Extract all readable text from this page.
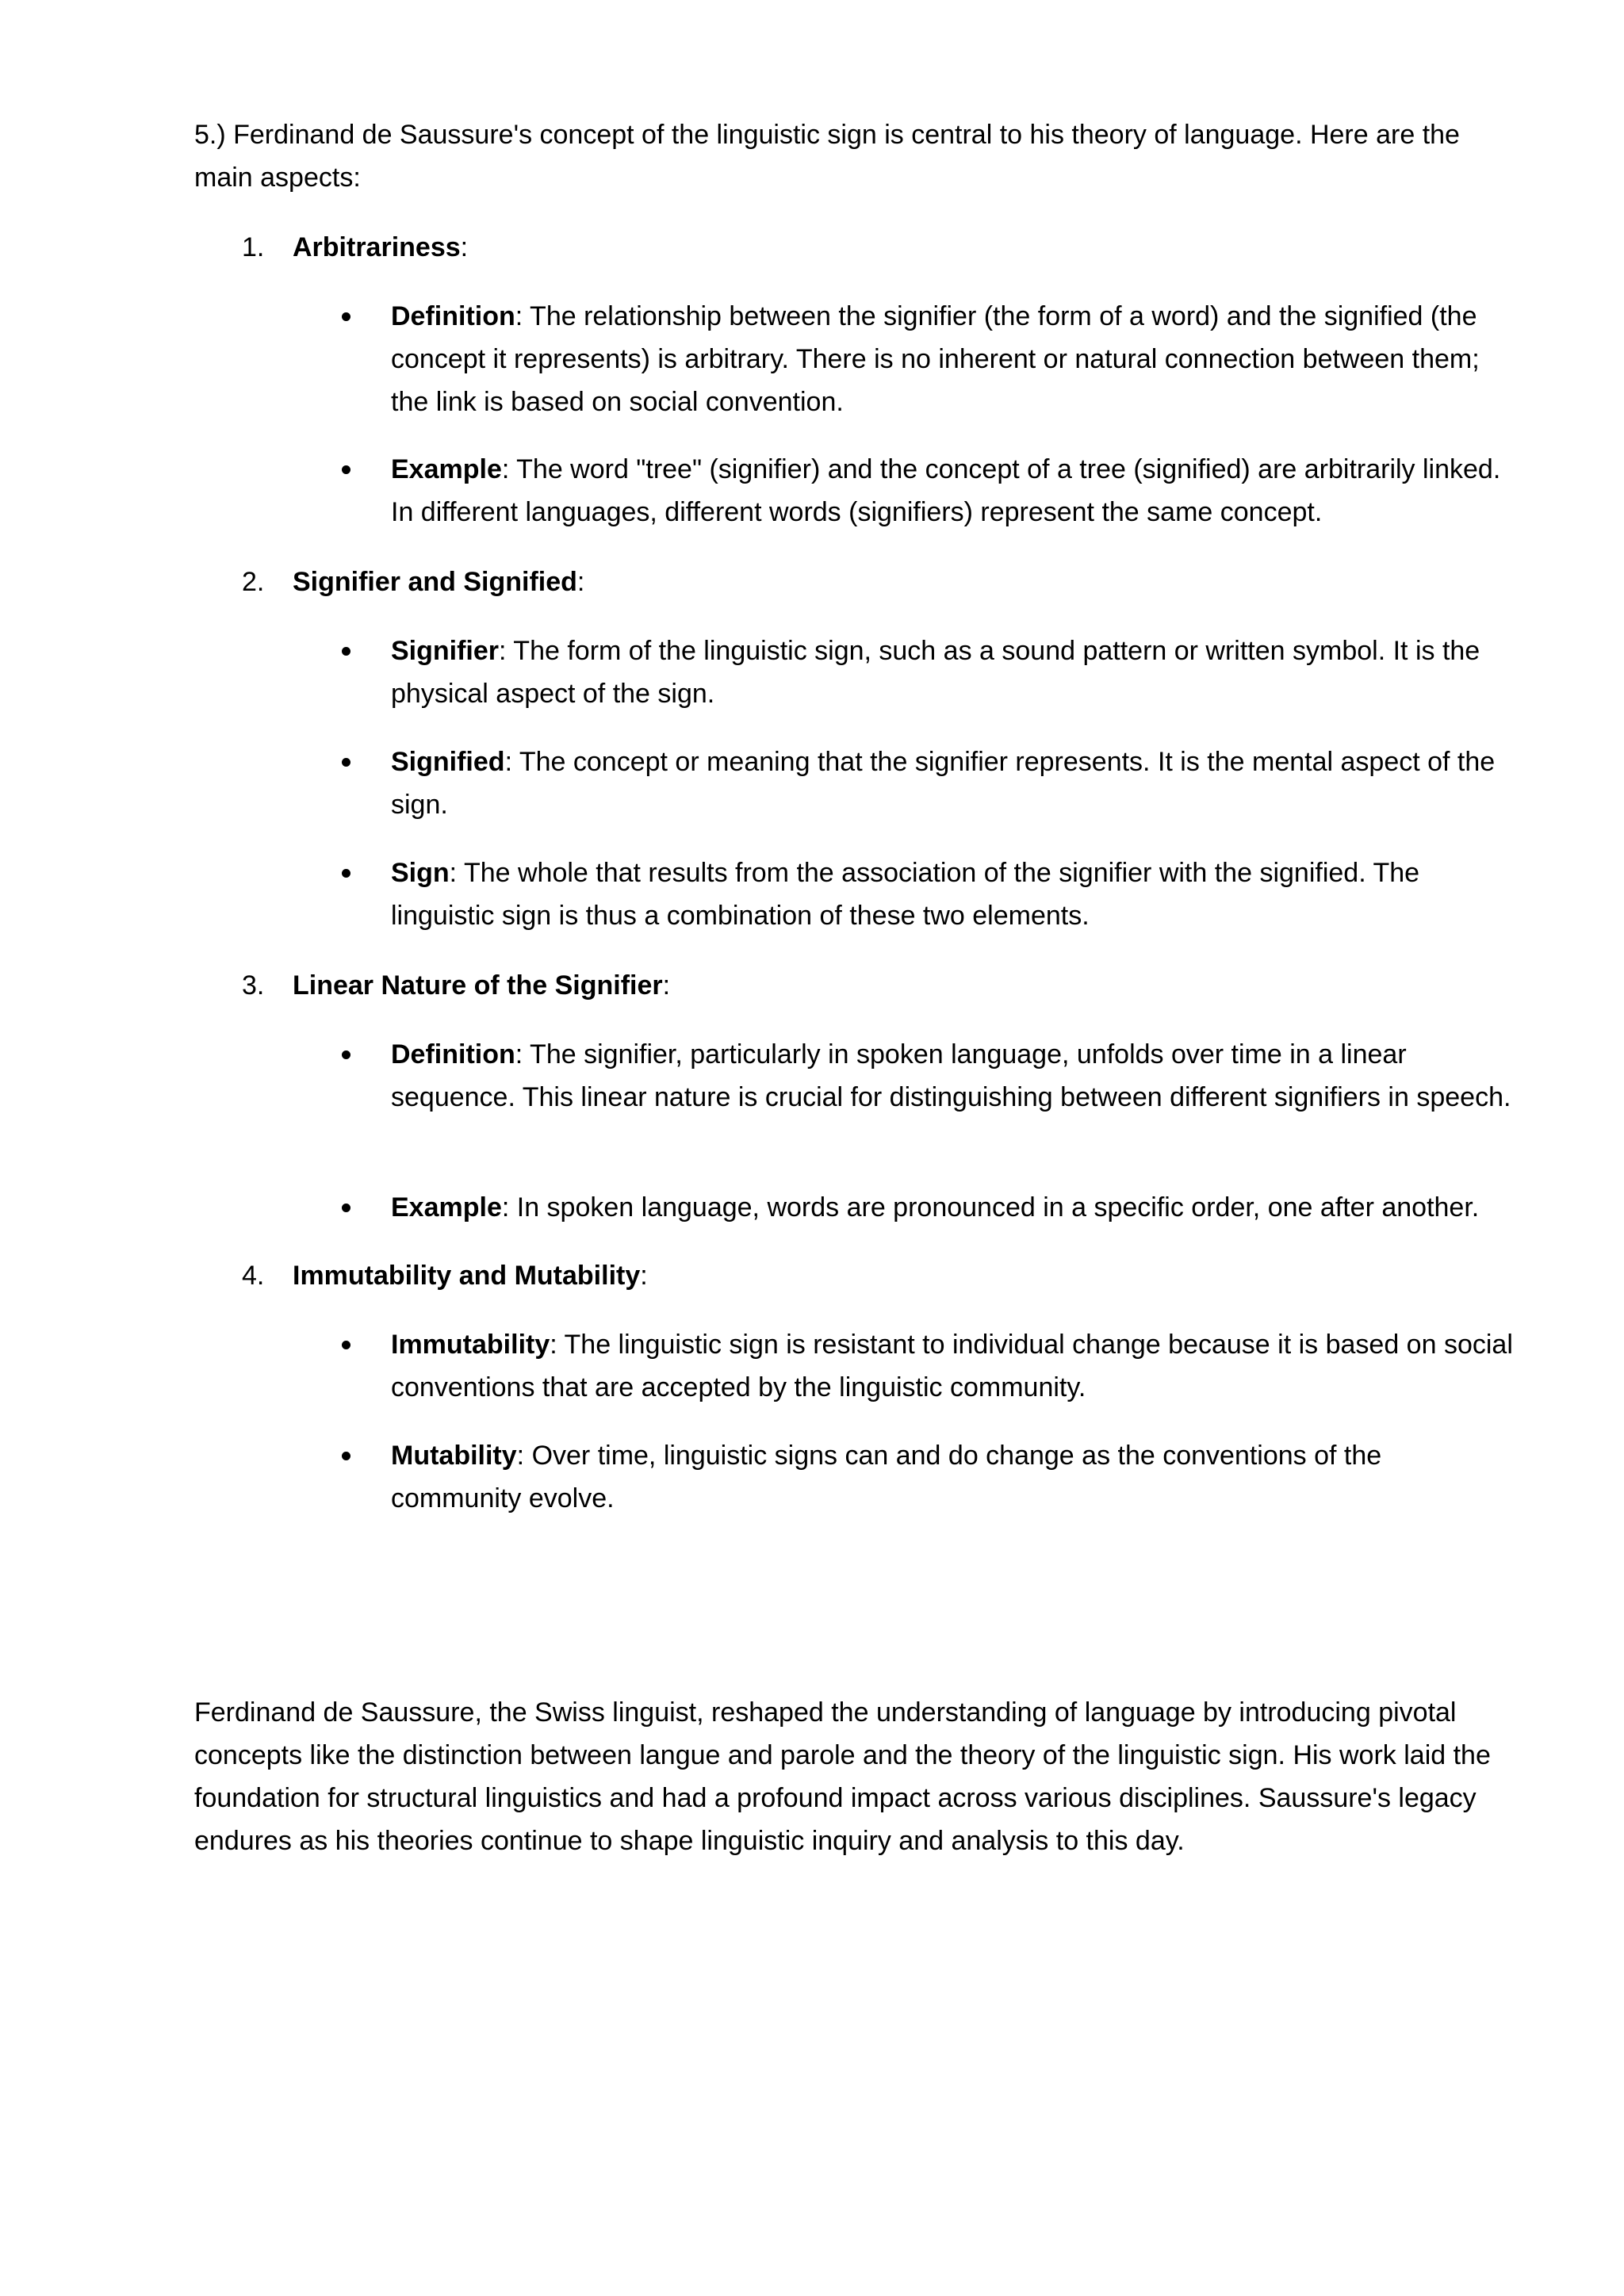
5.) Ferdinand de Saussure's concept of the linguistic sign is central to his theory of language. Here are the main aspects:

1. Arbitrariness:

Definition: The relationship between the signifier (the form of a word) and the signified (the concept it represents) is arbitrary. There is no inherent or natural connection between them; the link is based on social convention.

Example: The word "tree" (signifier) and the concept of a tree (signified) are arbitrarily linked. In different languages, different words (signifiers) represent the same concept.

2. Signifier and Signified:

Signifier: The form of the linguistic sign, such as a sound pattern or written symbol. It is the physical aspect of the sign.

Signified: The concept or meaning that the signifier represents. It is the mental aspect of the sign.

Sign: The whole that results from the association of the signifier with the signified. The linguistic sign is thus a combination of these two elements.

3. Linear Nature of the Signifier:

Definition: The signifier, particularly in spoken language, unfolds over time in a linear sequence. This linear nature is crucial for distinguishing between different signifiers in speech.

Example: In spoken language, words are pronounced in a specific order, one after another.

4. Immutability and Mutability:

Immutability: The linguistic sign is resistant to individual change because it is based on social conventions that are accepted by the linguistic community.

Mutability: Over time, linguistic signs can and do change as the conventions of the community evolve.

Ferdinand de Saussure, the Swiss linguist, reshaped the understanding of language by introducing pivotal concepts like the distinction between langue and parole and the theory of the linguistic sign. His work laid the foundation for structural linguistics and had a profound impact across various disciplines. Saussure's legacy endures as his theories continue to shape linguistic inquiry and analysis to this day.
